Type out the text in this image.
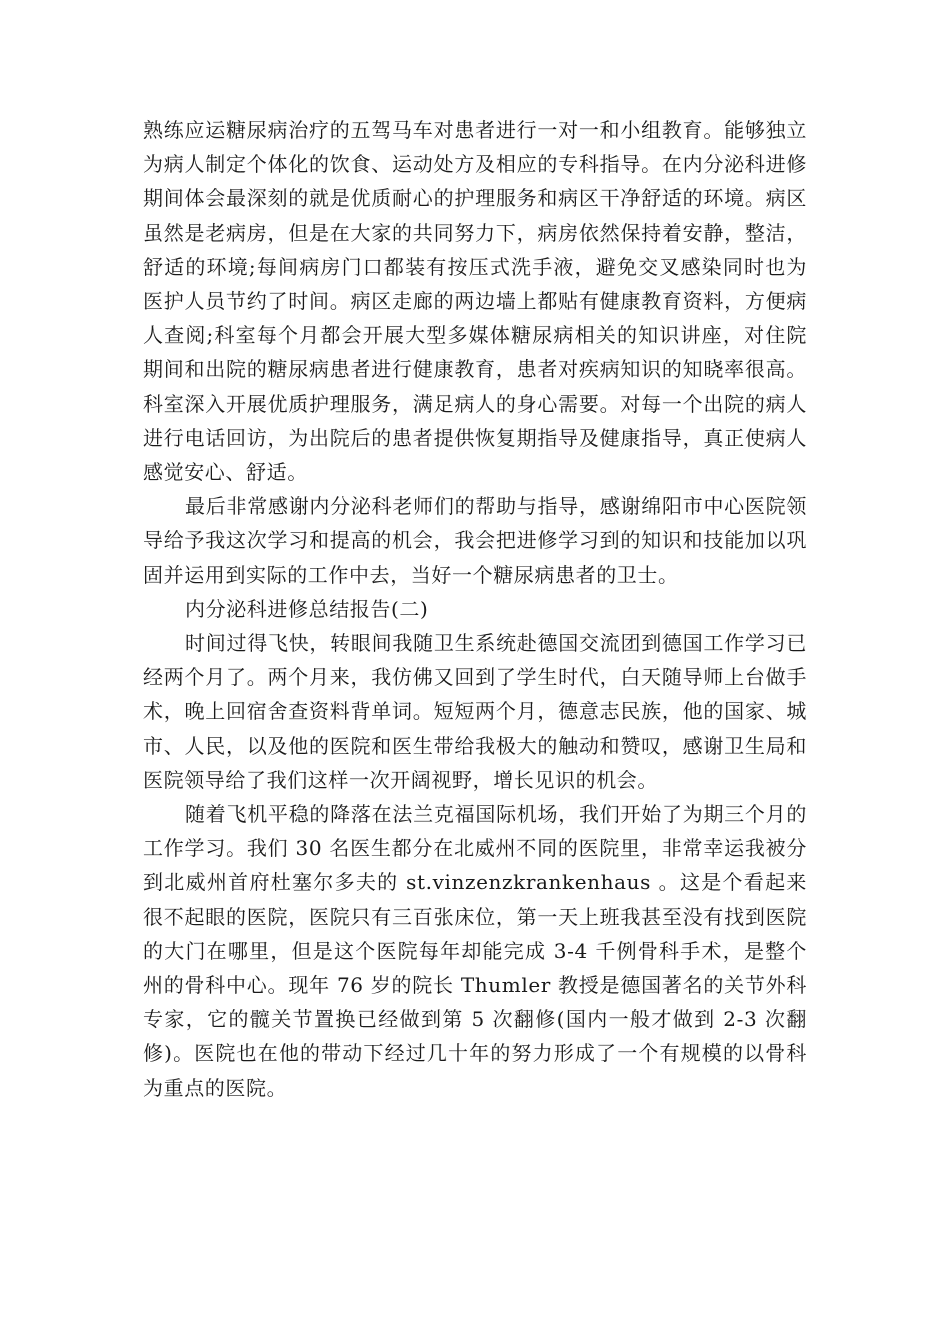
熟练应运糖尿病治疗的五驾马车对患者进行一对一和小组教育。能够独立为病人制定个体化的饮食、运动处方及相应的专科指导。在内分泌科进修期间体会最深刻的就是优质耐心的护理服务和病区干净舒适的环境。病区虽然是老病房，但是在大家的共同努力下，病房依然保持着安静，整洁，舒适的环境;每间病房门口都装有按压式洗手液，避免交叉感染同时也为医护人员节约了时间。病区走廊的两边墙上都贴有健康教育资料，方便病人查阅;科室每个月都会开展大型多媒体糖尿病相关的知识讲座，对住院期间和出院的糖尿病患者进行健康教育，患者对疾病知识的知晓率很高。科室深入开展优质护理服务，满足病人的身心需要。对每一个出院的病人进行电话回访，为出院后的患者提供恢复期指导及健康指导，真正使病人感觉安心、舒适。

最后非常感谢内分泌科老师们的帮助与指导，感谢绵阳市中心医院领导给予我这次学习和提高的机会，我会把进修学习到的知识和技能加以巩固并运用到实际的工作中去，当好一个糖尿病患者的卫士。

内分泌科进修总结报告(二)

时间过得飞快，转眼间我随卫生系统赴德国交流团到德国工作学习已经两个月了。两个月来，我仿佛又回到了学生时代，白天随导师上台做手术，晚上回宿舍查资料背单词。短短两个月，德意志民族，他的国家、城市、人民，以及他的医院和医生带给我极大的触动和赞叹，感谢卫生局和医院领导给了我们这样一次开阔视野，增长见识的机会。

随着飞机平稳的降落在法兰克福国际机场，我们开始了为期三个月的工作学习。我们 30 名医生都分在北威州不同的医院里，非常幸运我被分到北威州首府杜塞尔多夫的 st.vinzenzkrankenhaus 。这是个看起来很不起眼的医院，医院只有三百张床位，第一天上班我甚至没有找到医院的大门在哪里，但是这个医院每年却能完成 3-4 千例骨科手术，是整个州的骨科中心。现年 76 岁的院长 Thumler 教授是德国著名的关节外科专家，它的髋关节置换已经做到第 5 次翻修(国内一般才做到 2-3 次翻修)。医院也在他的带动下经过几十年的努力形成了一个有规模的以骨科为重点的医院。
